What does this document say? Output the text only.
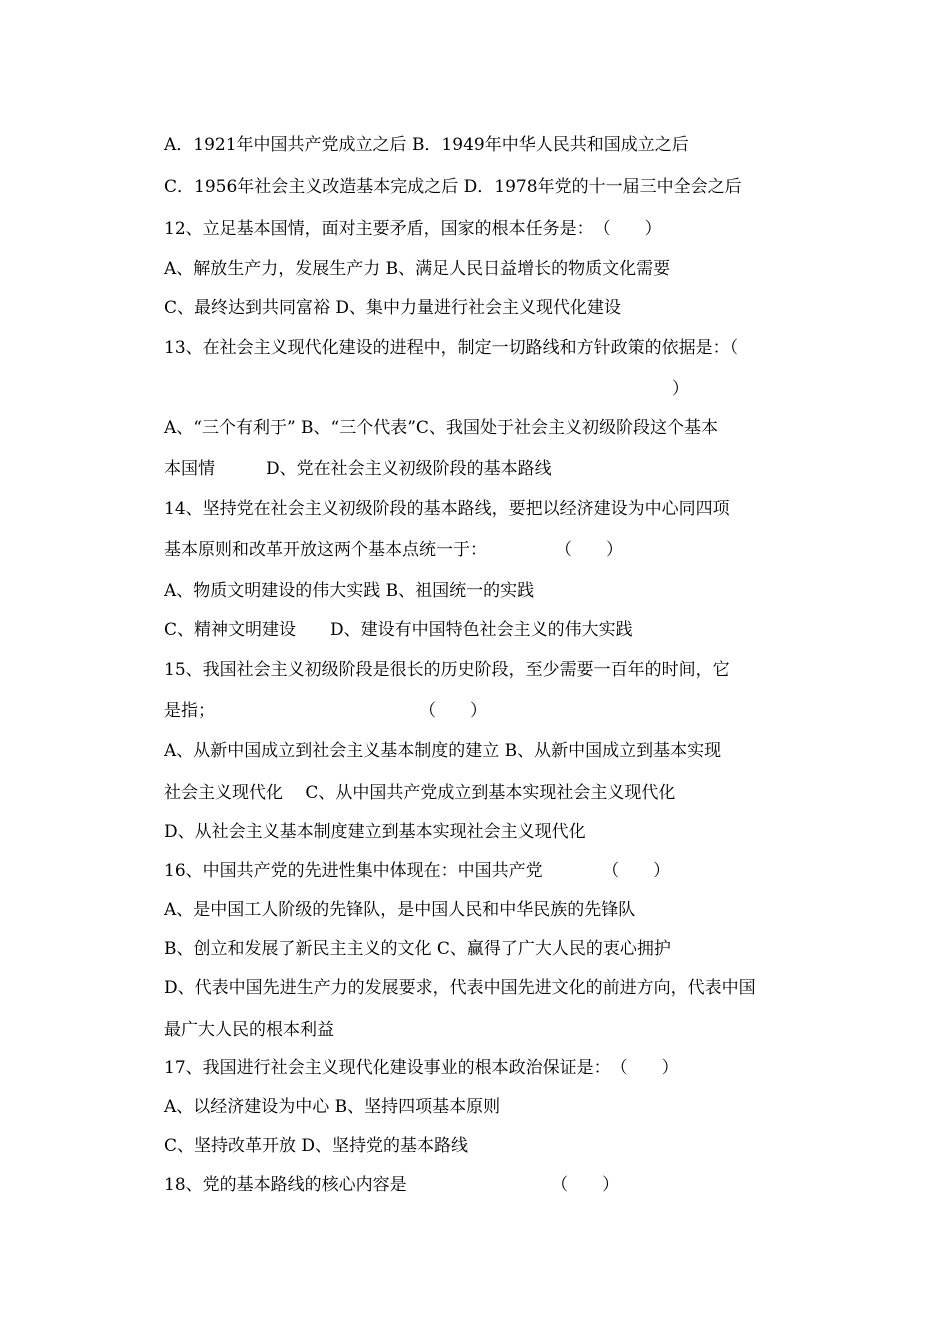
A．1921年中国共产党成立之后 B．1949年中华人民共和国成立之后
C．1956年社会主义改造基本完成之后 D．1978年党的十一届三中全会之后
12、立足基本国情，面对主要矛盾，国家的根本任务是：　（　　）
A、解放生产力，发展生产力 B、满足人民日益增长的物质文化需要
C、最终达到共同富裕 D、集中力量进行社会主义现代化建设
13、在社会主义现代化建设的进程中，制定一切路线和方针政策的依据是：（
）
A、“三个有利于” B、“三个代表”C、我国处于社会主义初级阶段这个基本
本国情　　　D、党在社会主义初级阶段的基本路线
14、坚持党在社会主义初级阶段的基本路线，要把以经济建设为中心同四项
基本原则和改革开放这两个基本点统一于：　　　　　（　　）
A、物质文明建设的伟大实践 B、祖国统一的实践
C、精神文明建设　　D、建设有中国特色社会主义的伟大实践
15、我国社会主义初级阶段是很长的历史阶段，至少需要一百年的时间，它
是指；　　　　　　　　　　　　　（　　）
A、从新中国成立到社会主义基本制度的建立 B、从新中国成立到基本实现
社会主义现代化　 C、从中国共产党成立到基本实现社会主义现代化
D、从社会主义基本制度建立到基本实现社会主义现代化
16、中国共产党的先进性集中体现在：中国共产党　　　　（　　）
A、是中国工人阶级的先锋队，是中国人民和中华民族的先锋队
B、创立和发展了新民主主义的文化 C、赢得了广大人民的衷心拥护
D、代表中国先进生产力的发展要求，代表中国先进文化的前进方向，代表中国
最广大人民的根本利益
17、我国进行社会主义现代化建设事业的根本政治保证是：　（　　）
A、以经济建设为中心 B、坚持四项基本原则
C、坚持改革开放 D、坚持党的基本路线
18、党的基本路线的核心内容是　　　　　　　　　（　　）
